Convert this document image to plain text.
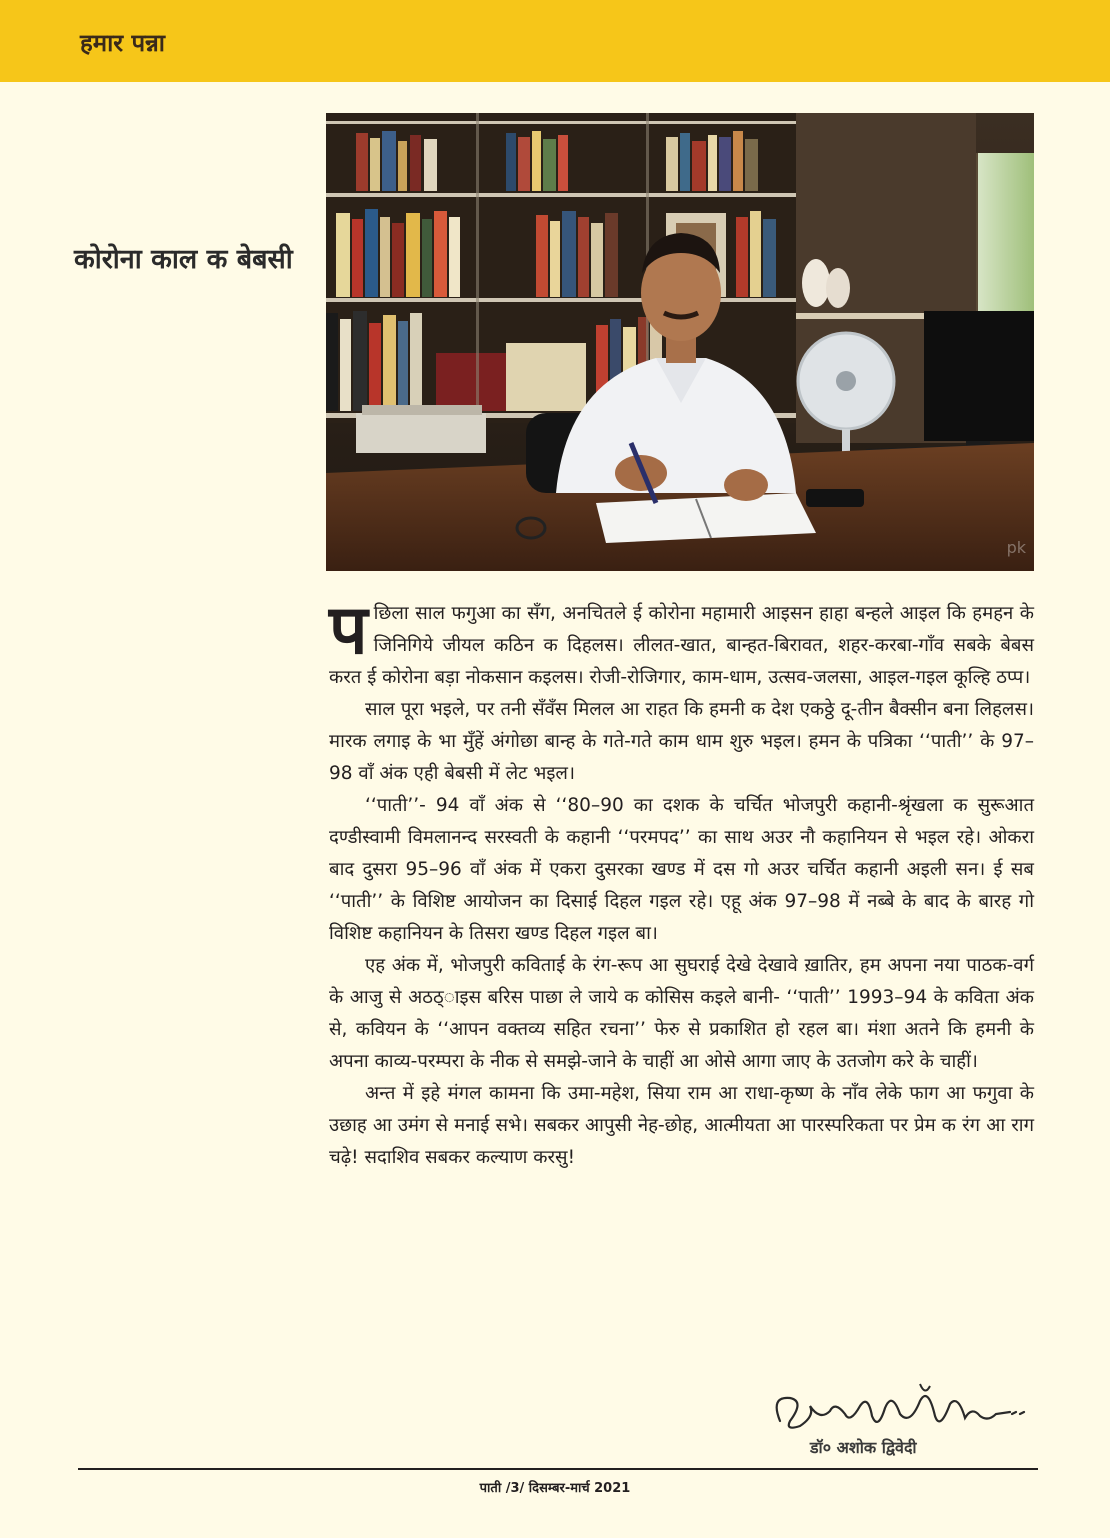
हमार पन्ना
कोरोना काल क बेबसी
pk

पछिला साल फगुआ का सँग, अनचितले ई कोरोना महामारी आइसन हाहा बन्हले आइल कि हमहन के जिनिगिये जीयल कठिन क दिहलस। लीलत-खात, बान्हत-बिरावत, शहर-करबा-गाँव सबके बेबस करत ई कोरोना बड़ा नोकसान कइलस। रोजी-रोजिगार, काम-धाम, उत्सव-जलसा, आइल-गइल कूल्हि ठप्प।

साल पूरा भइले, पर तनी सँवँस मिलल आ राहत कि हमनी क देश एकठ्ठे दू-तीन बैक्सीन बना लिहलस। मारक लगाइ के भा मुँहें अंगोछा बान्ह के गते-गते काम धाम शुरु भइल। हमन के पत्रिका ‘‘पाती’’ के 97–98 वाँ अंक एही बेबसी में लेट भइल।

‘‘पाती’’- 94 वाँ अंक से ‘‘80–90 का दशक के चर्चित भोजपुरी कहानी-श्रृंखला क सुरूआत दण्डीस्वामी विमलानन्द सरस्वती के कहानी ‘‘परमपद’’ का साथ अउर नौ कहानियन से भइल रहे। ओकरा बाद दुसरा 95–96 वाँ अंक में एकरा दुसरका खण्ड में दस गो अउर चर्चित कहानी अइली सन। ई सब ‘‘पाती’’ के विशिष्ट आयोजन का दिसाई दिहल गइल रहे। एहू अंक 97–98 में नब्बे के बाद के बारह गो विशिष्ट कहानियन के तिसरा खण्ड दिहल गइल बा।

एह अंक में, भोजपुरी कविताई के रंग-रूप आ सुघराई देखे देखावे ख़ातिर, हम अपना नया पाठक-वर्ग के आजु से अठठ्ाइस बरिस पाछा ले जाये क कोसिस कइले बानी- ‘‘पाती’’ 1993–94 के कविता अंक से, कवियन के ‘‘आपन वक्तव्य सहित रचना’’ फेरु से प्रकाशित हो रहल बा। मंशा अतने कि हमनी के अपना काव्य-परम्परा के नीक से समझे-जाने के चाहीं आ ओसे आगा जाए के उतजोग करे के चाहीं।

अन्त में इहे मंगल कामना कि उमा-महेश, सिया राम आ राधा-कृष्ण के नाँव लेके फाग आ फगुवा के उछाह आ उमंग से मनाई सभे। सबकर आपुसी नेह-छोह, आत्मीयता आ पारस्परिकता पर प्रेम क रंग आ राग चढ़े! सदाशिव सबकर कल्याण करसु!

डॉ० अशोक द्विवेदी
पाती /3/ दिसम्बर-मार्च 2021
